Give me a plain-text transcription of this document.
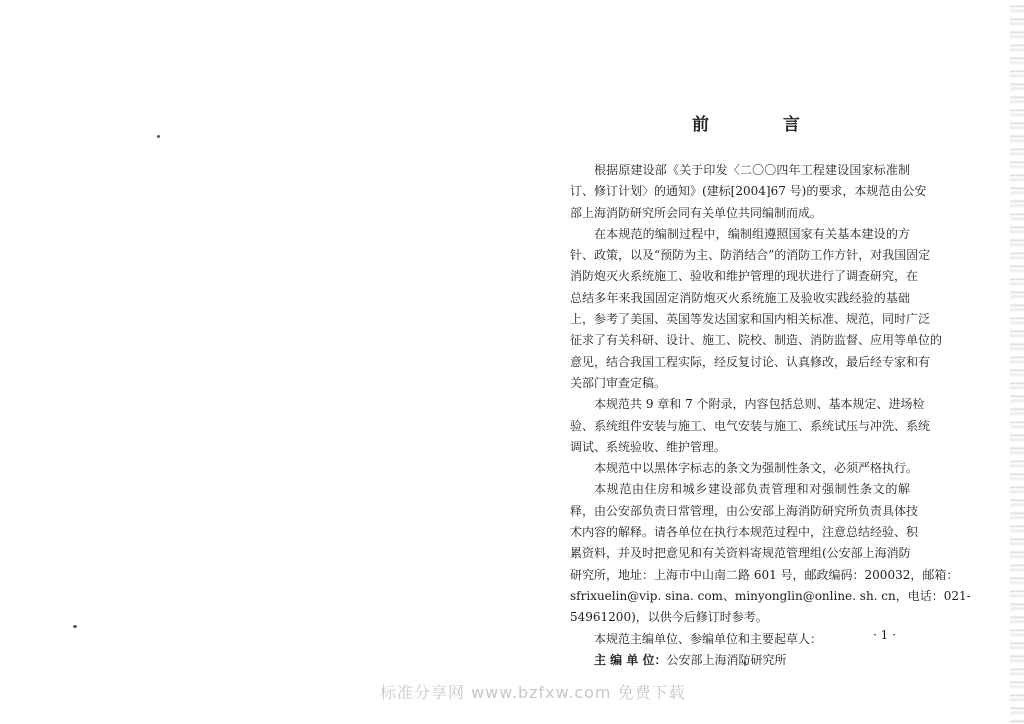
前 言
根据原建设部《关于印发〈二〇〇四年工程建设国家标准制
订、修订计划〉的通知》(建标[2004]67 号)的要求，本规范由公安
部上海消防研究所会同有关单位共同编制而成。
在本规范的编制过程中，编制组遵照国家有关基本建设的方
针、政策，以及“预防为主、防消结合”的消防工作方针，对我国固定
消防炮灭火系统施工、验收和维护管理的现状进行了调查研究，在
总结多年来我国固定消防炮灭火系统施工及验收实践经验的基础
上，参考了美国、英国等发达国家和国内相关标准、规范，同时广泛
征求了有关科研、设计、施工、院校、制造、消防监督、应用等单位的
意见，结合我国工程实际，经反复讨论、认真修改，最后经专家和有
关部门审查定稿。
本规范共 9 章和 7 个附录，内容包括总则、基本规定、进场检
验、系统组件安装与施工、电气安装与施工、系统试压与冲洗、系统
调试、系统验收、维护管理。
本规范中以黑体字标志的条文为强制性条文，必须严格执行。
本规范由住房和城乡建设部负责管理和对强制性条文的解
释，由公安部负责日常管理，由公安部上海消防研究所负责具体技
术内容的解释。请各单位在执行本规范过程中，注意总结经验、积
累资料，并及时把意见和有关资料寄规范管理组(公安部上海消防
研究所，地址：上海市中山南二路 601 号，邮政编码：200032，邮箱：
sfrixuelin@vip. sina. com、minyonglin@online. sh. cn，电话：021-
54961200)，以供今后修订时参考。
本规范主编单位、参编单位和主要起草人：
主 编 单 位：公安部上海消防研究所
· 1 ·
标准分享网 www.bzfxw.com 免费下载
